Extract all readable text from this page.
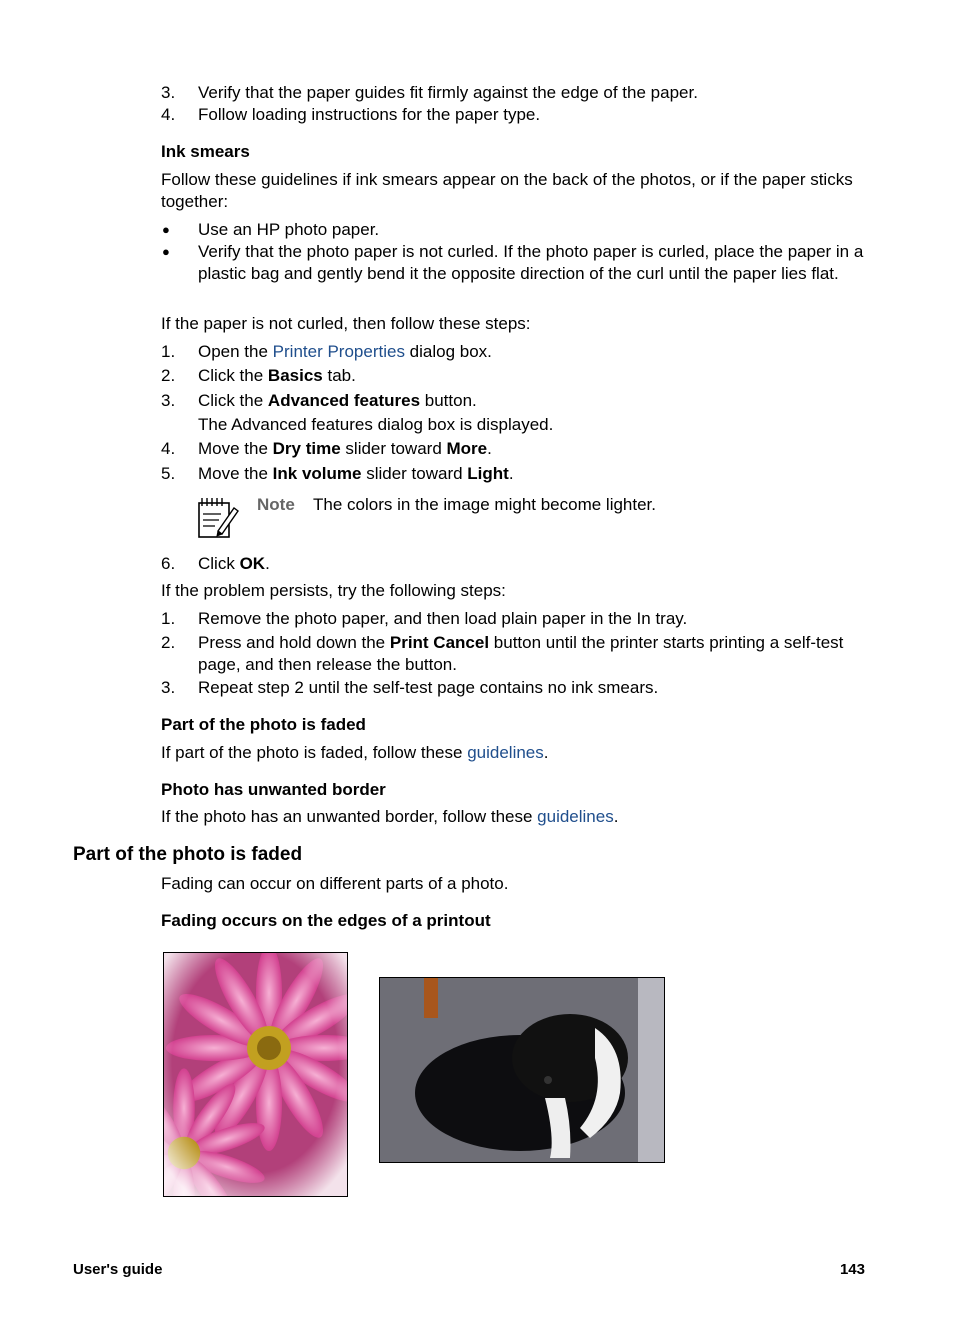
3. Verify that the paper guides fit firmly against the edge of the paper.
4. Follow loading instructions for the paper type.
Ink smears
Follow these guidelines if ink smears appear on the back of the photos, or if the paper sticks together:
● Use an HP photo paper.
● Verify that the photo paper is not curled. If the photo paper is curled, place the paper in a plastic bag and gently bend it the opposite direction of the curl until the paper lies flat.
If the paper is not curled, then follow these steps:
1. Open the Printer Properties dialog box.
2. Click the Basics tab.
3. Click the Advanced features button.
The Advanced features dialog box is displayed.
4. Move the Dry time slider toward More.
5. Move the Ink volume slider toward Light.
Note The colors in the image might become lighter.
6. Click OK.
If the problem persists, try the following steps:
1. Remove the photo paper, and then load plain paper in the In tray.
2. Press and hold down the Print Cancel button until the printer starts printing a self-test page, and then release the button.
3. Repeat step 2 until the self-test page contains no ink smears.
Part of the photo is faded
If part of the photo is faded, follow these guidelines.
Photo has unwanted border
If the photo has an unwanted border, follow these guidelines.
Part of the photo is faded
Fading can occur on different parts of a photo.
Fading occurs on the edges of a printout
User's guide	143
